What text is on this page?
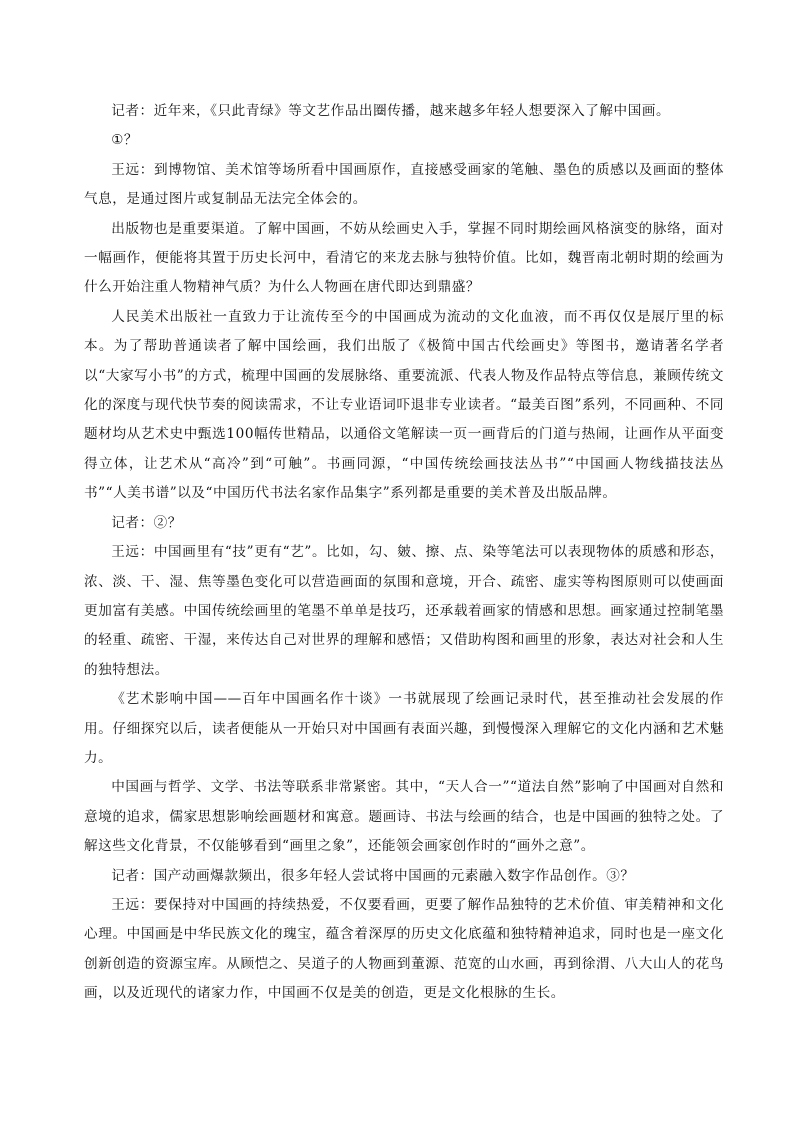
记者：近年来，《只此青绿》等文艺作品出圈传播，越来越多年轻人想要深入了解中国画。

①？

王远：到博物馆、美术馆等场所看中国画原作，直接感受画家的笔触、墨色的质感以及画面的整体气息，是通过图片或复制品无法完全体会的。

出版物也是重要渠道。了解中国画，不妨从绘画史入手，掌握不同时期绘画风格演变的脉络，面对一幅画作，便能将其置于历史长河中，看清它的来龙去脉与独特价值。比如，魏晋南北朝时期的绘画为什么开始注重人物精神气质？为什么人物画在唐代即达到鼎盛？

人民美术出版社一直致力于让流传至今的中国画成为流动的文化血液，而不再仅仅是展厅里的标本。为了帮助普通读者了解中国绘画，我们出版了《极简中国古代绘画史》等图书，邀请著名学者以“大家写小书”的方式，梳理中国画的发展脉络、重要流派、代表人物及作品特点等信息，兼顾传统文化的深度与现代快节奏的阅读需求，不让专业语词吓退非专业读者。“最美百图”系列，不同画种、不同题材均从艺术史中甄选100幅传世精品，以通俗文笔解读一页一画背后的门道与热闹，让画作从平面变得立体，让艺术从“高冷”到“可触”。书画同源，“中国传统绘画技法丛书”“中国画人物线描技法丛书”“人美书谱”以及“中国历代书法名家作品集字”系列都是重要的美术普及出版品牌。

记者：②？

王远：中国画里有“技”更有“艺”。比如，勾、皴、擦、点、染等笔法可以表现物体的质感和形态，浓、淡、干、湿、焦等墨色变化可以营造画面的氛围和意境，开合、疏密、虚实等构图原则可以使画面更加富有美感。中国传统绘画里的笔墨不单单是技巧，还承载着画家的情感和思想。画家通过控制笔墨的轻重、疏密、干湿，来传达自己对世界的理解和感悟；又借助构图和画里的形象，表达对社会和人生的独特想法。

《艺术影响中国——百年中国画名作十谈》一书就展现了绘画记录时代，甚至推动社会发展的作用。仔细探究以后，读者便能从一开始只对中国画有表面兴趣，到慢慢深入理解它的文化内涵和艺术魅力。

中国画与哲学、文学、书法等联系非常紧密。其中，“天人合一”“道法自然”影响了中国画对自然和意境的追求，儒家思想影响绘画题材和寓意。题画诗、书法与绘画的结合，也是中国画的独特之处。了解这些文化背景，不仅能够看到“画里之象”，还能领会画家创作时的“画外之意”。

记者：国产动画爆款频出，很多年轻人尝试将中国画的元素融入数字作品创作。③？

王远：要保持对中国画的持续热爱，不仅要看画，更要了解作品独特的艺术价值、审美精神和文化心理。中国画是中华民族文化的瑰宝，蕴含着深厚的历史文化底蕴和独特精神追求，同时也是一座文化创新创造的资源宝库。从顾恺之、吴道子的人物画到董源、范宽的山水画，再到徐渭、八大山人的花鸟画，以及近现代的诸家力作，中国画不仅是美的创造，更是文化根脉的生长。
